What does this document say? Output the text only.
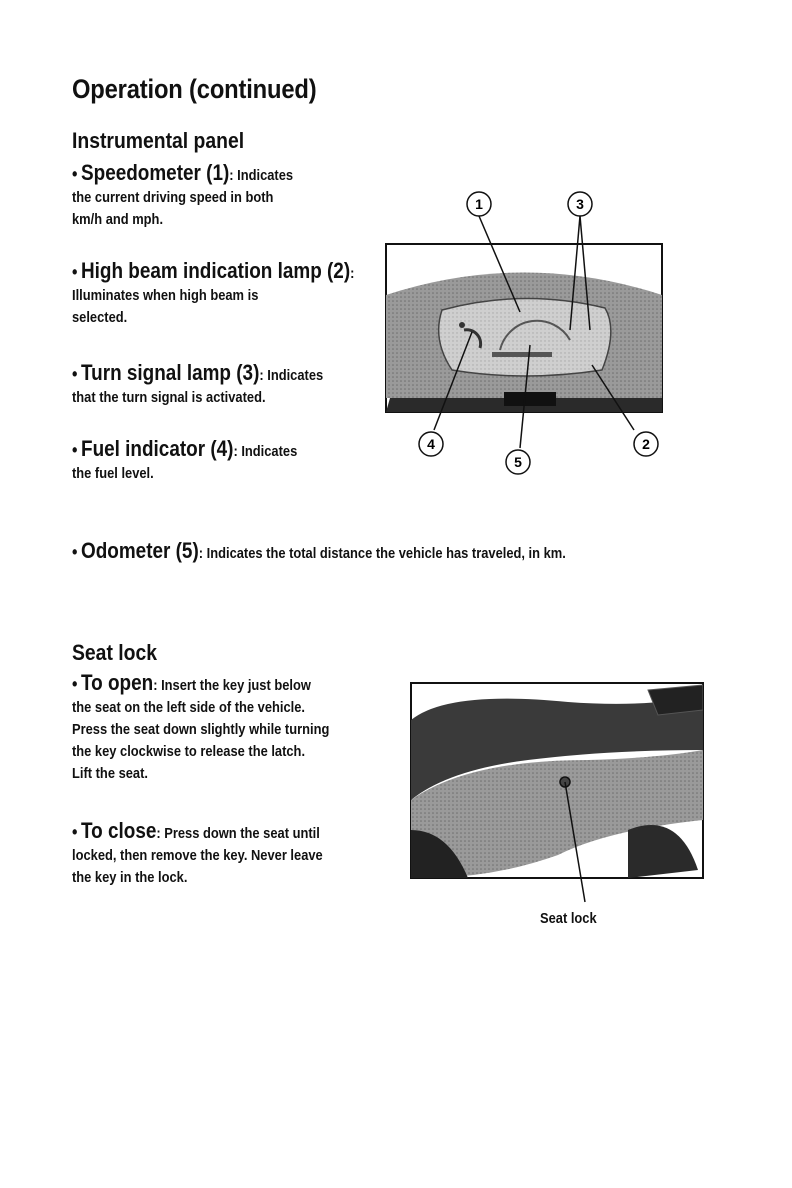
Operation (continued)
Instrumental panel
• Speedometer (1): Indicates
the current driving speed in both
km/h and mph.
• High beam indication lamp (2):
Illuminates when high beam is
selected.
• Turn signal lamp (3): Indicates
that the turn signal is activated.
• Fuel indicator (4): Indicates
the fuel level.
• Odometer (5): Indicates the total distance the vehicle has traveled, in km.
1	3
2
4
5
Seat lock
• To open: Insert the key just below
the seat on the left side of the vehicle.
Press the seat down slightly while turning
the key clockwise to release the latch.
Lift the seat.
• To close: Press down the seat until
locked, then remove the key. Never leave
the key in the lock.
Seat lock
